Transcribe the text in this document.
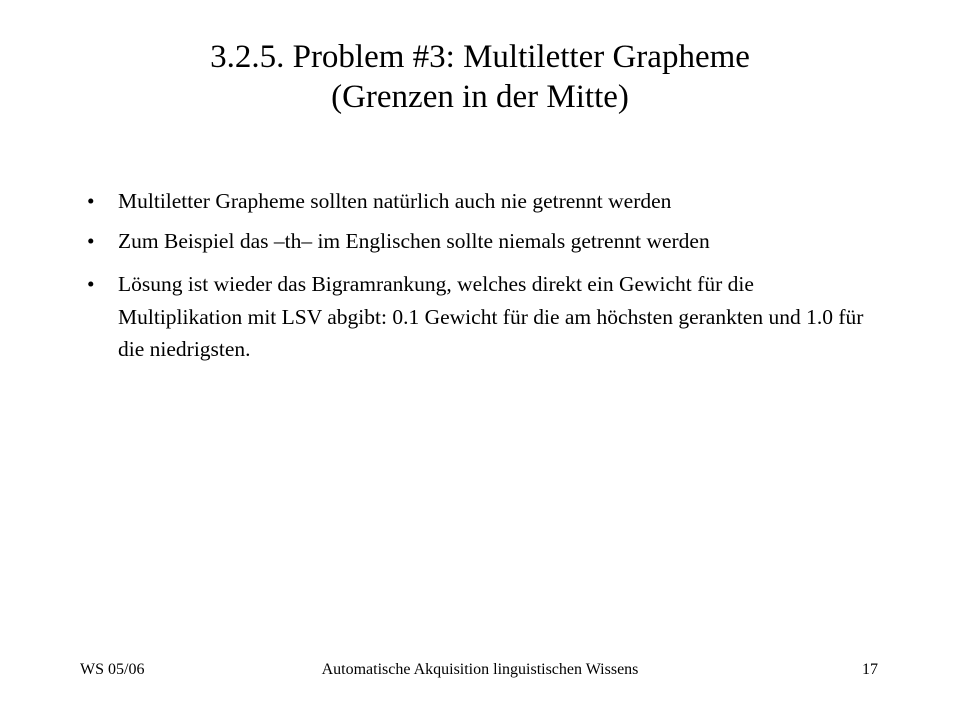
3.2.5. Problem #3: Multiletter Grapheme
(Grenzen in der Mitte)
• Multiletter Grapheme sollten natürlich auch nie getrennt werden
• Zum Beispiel das –th– im Englischen sollte niemals getrennt werden
• Lösung ist wieder das Bigramrankung, welches direkt ein Gewicht für die Multiplikation mit LSV abgibt: 0.1 Gewicht für die am höchsten gerankten und 1.0 für die niedrigsten.
Automatische Akquisition linguistischen Wissens
WS 05/06	17
